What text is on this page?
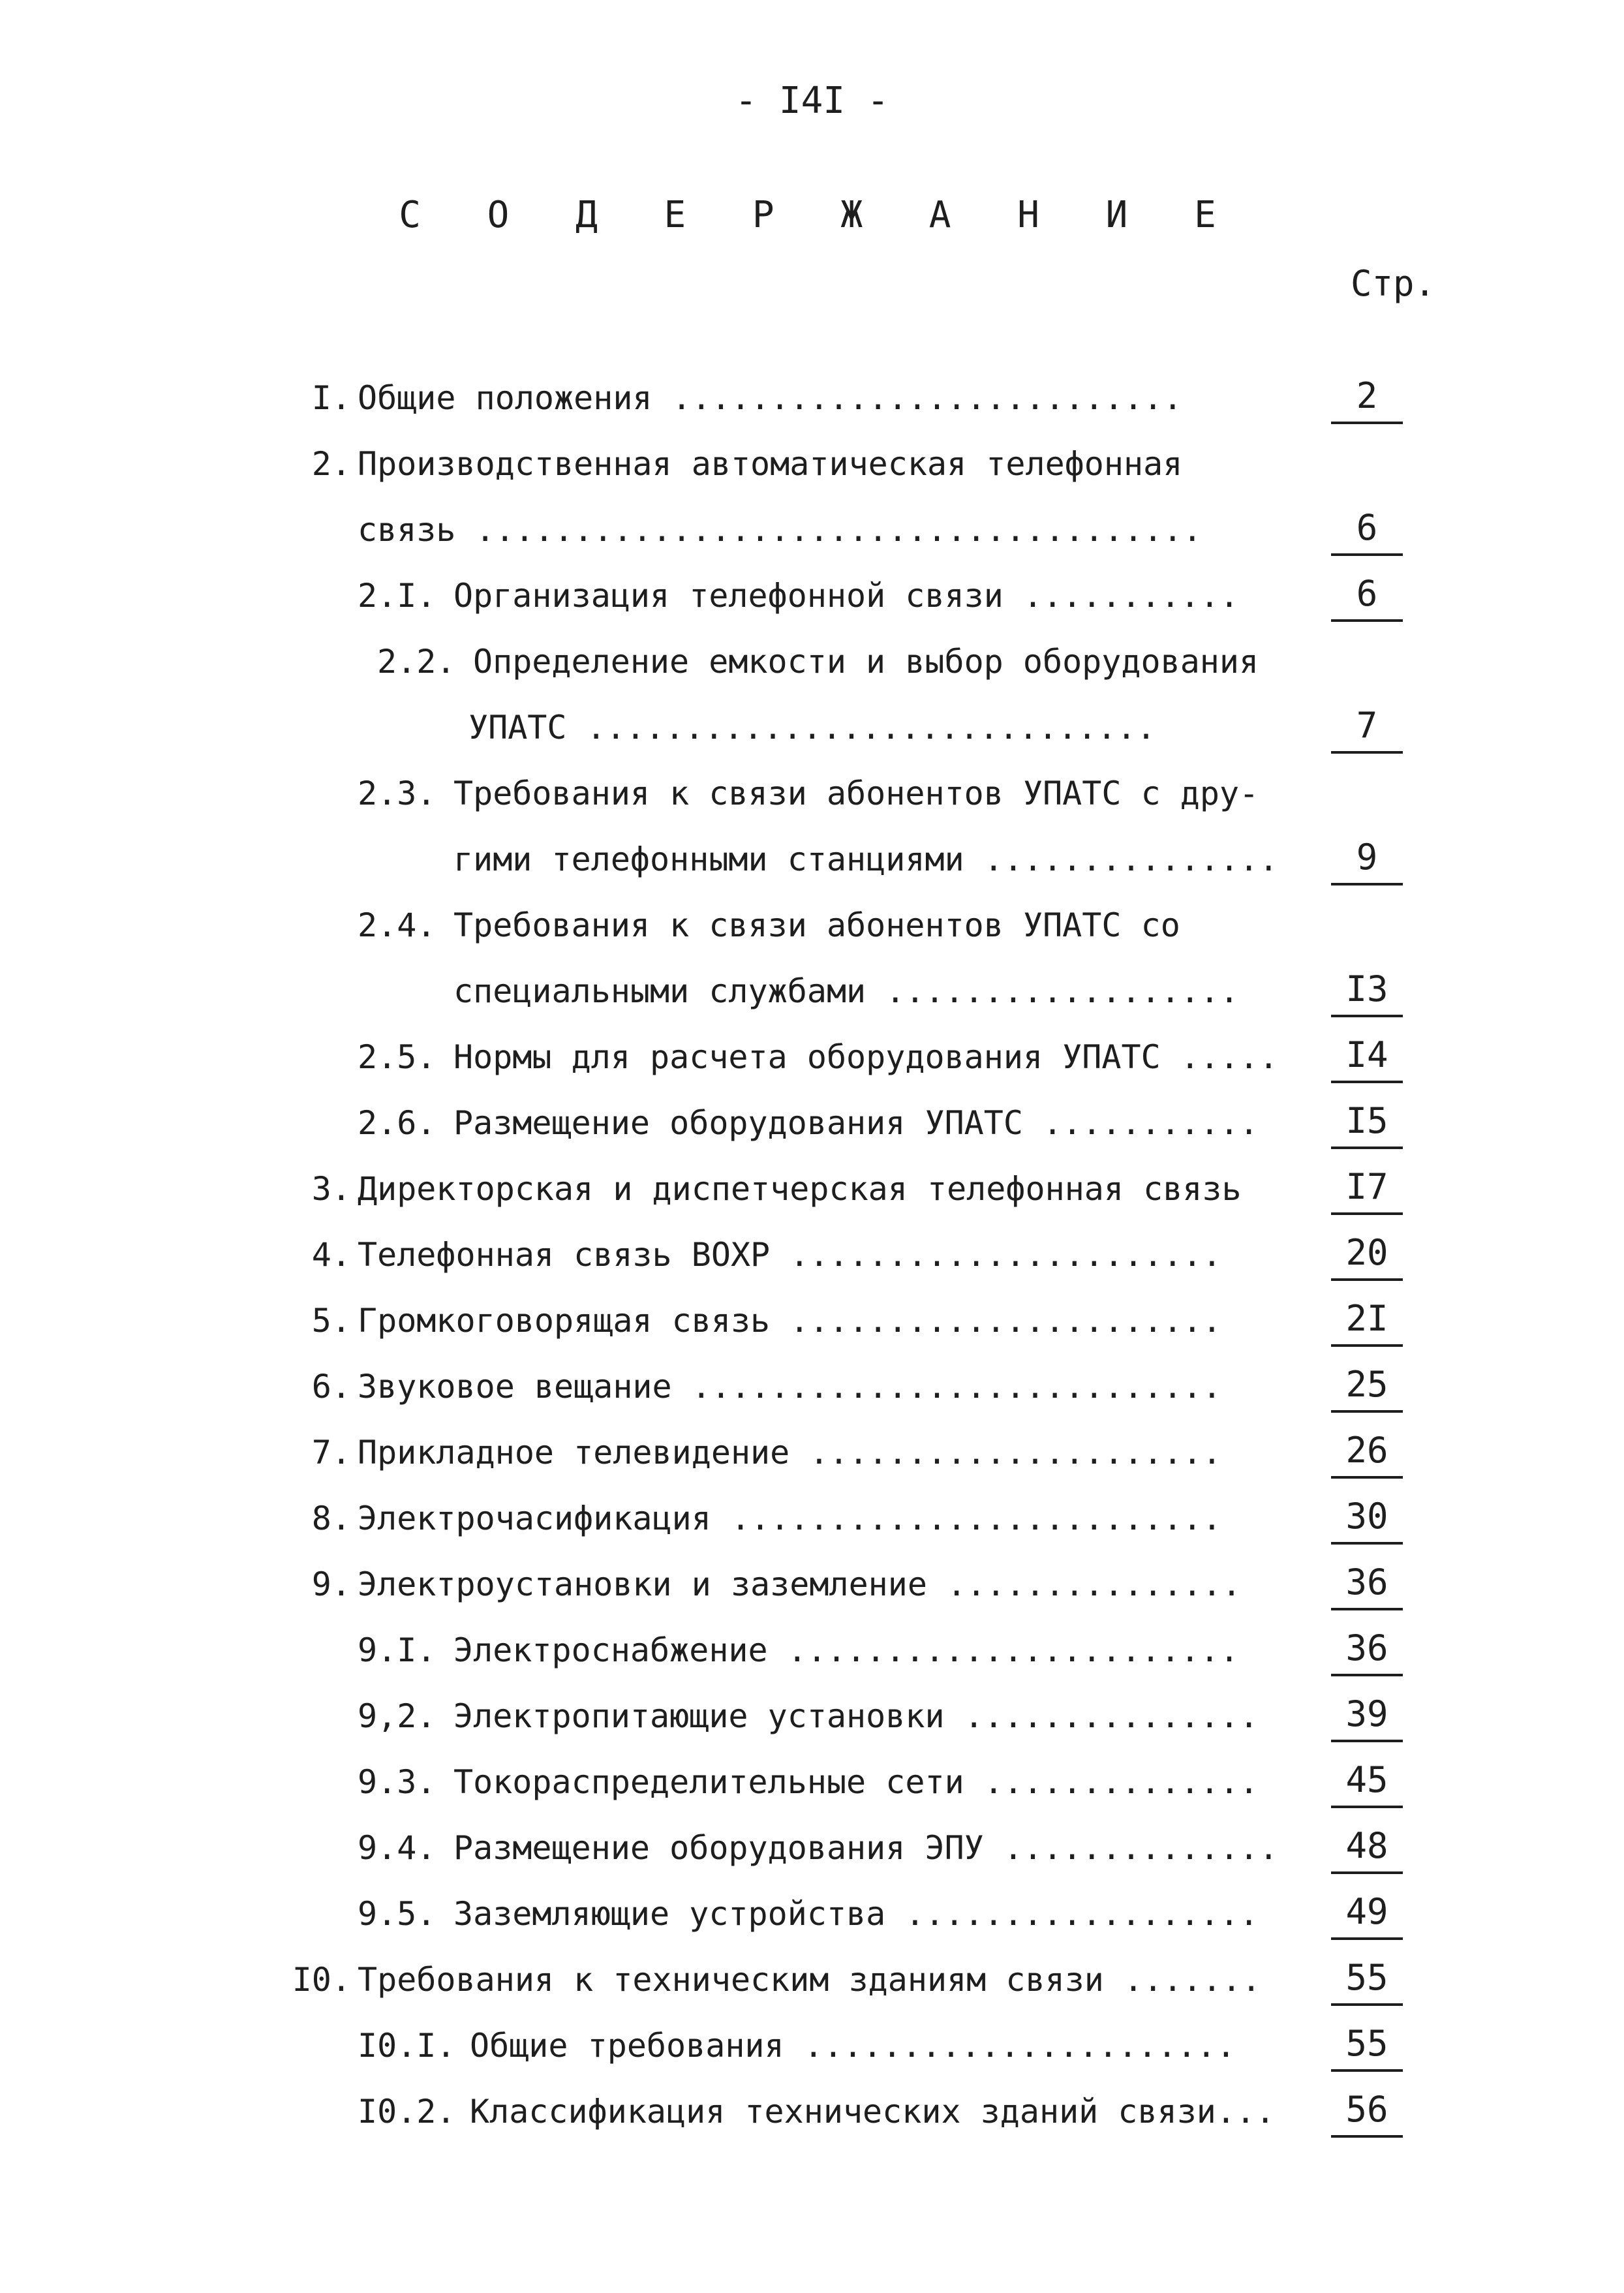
- I4I -
С О Д Е Р Ж А Н И Е
Стр.
I. Общие положения ..........................	2
2. Производственная автоматическая телефонная
связь .....................................	6
2.I. Организация телефонной связи ...........	6
2.2. Определение емкости и выбор оборудования
УПАТС .............................	7
2.3. Требования к связи абонентов УПАТС с дру-
гими телефонными станциями ...............	9
2.4. Требования к связи абонентов УПАТС со
специальными службами ..................	I3
2.5. Нормы для расчета оборудования УПАТС .....	I4
2.6. Размещение оборудования УПАТС ...........	I5
3. Директорская и диспетчерская телефонная связь	I7
4. Телефонная связь ВОХР ......................	20
5. Громкоговорящая связь ......................	2I
6. Звуковое вещание ...........................	25
7. Прикладное телевидение .....................	26
8. Электрочасификация .........................	30
9. Электроустановки и заземление ...............	36
9.I. Электроснабжение .......................	36
9,2. Электропитающие установки ...............	39
9.3. Токораспределительные сети ..............	45
9.4. Размещение оборудования ЭПУ ..............	48
9.5. Заземляющие устройства ..................	49
I0. Требования к техническим зданиям связи .......	55
I0.I. Общие требования ......................	55
I0.2. Классификация технических зданий связи...	56
